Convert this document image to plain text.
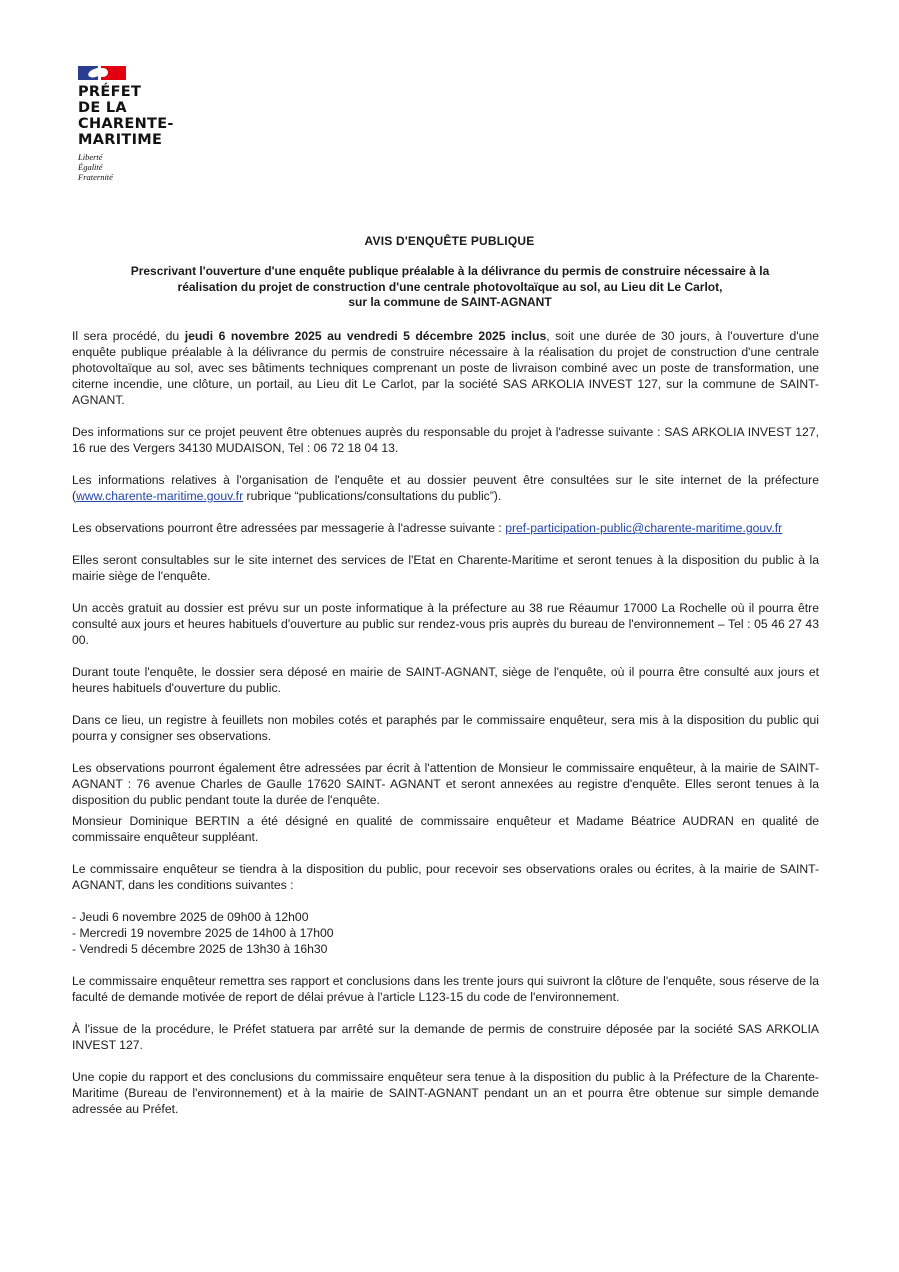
PRÉFET
DE LA
CHARENTE-
MARITIME
Liberté
Égalité
Fraternité
AVIS D'ENQUÊTE PUBLIQUE
Prescrivant l'ouverture d'une enquête publique préalable à la délivrance du permis de construire nécessaire à la
réalisation du projet de construction d'une centrale photovoltaïque au sol, au Lieu dit Le Carlot,
sur la commune de SAINT-AGNANT

Il sera procédé, du jeudi 6 novembre 2025 au vendredi 5 décembre 2025 inclus, soit une durée de 30 jours, à l'ouverture d'une enquête publique préalable à la délivrance du permis de construire nécessaire à la réalisation du projet de construction d'une centrale photovoltaïque au sol, avec ses bâtiments techniques comprenant un poste de livraison combiné avec un poste de transformation, une citerne incendie, une clôture, un portail, au Lieu dit Le Carlot, par la société SAS ARKOLIA INVEST 127, sur la commune de SAINT-AGNANT.

Des informations sur ce projet peuvent être obtenues auprès du responsable du projet à l'adresse suivante : SAS ARKOLIA INVEST 127, 16 rue des Vergers 34130 MUDAISON, Tel : 06 72 18 04 13.

Les informations relatives à l'organisation de l'enquête et au dossier peuvent être consultées sur le site internet de la préfecture (www.charente-maritime.gouv.fr rubrique “publications/consultations du public”).

Les observations pourront être adressées par messagerie à l'adresse suivante : pref-participation-public@charente-maritime.gouv.fr

Elles seront consultables sur le site internet des services de l'Etat en Charente-Maritime et seront tenues à la disposition du public à la mairie siège de l'enquête.

Un accès gratuit au dossier est prévu sur un poste informatique à la préfecture au 38 rue Réaumur 17000 La Rochelle où il pourra être consulté aux jours et heures habituels d'ouverture au public sur rendez-vous pris auprès du bureau de l'environnement – Tel : 05 46 27 43 00.

Durant toute l'enquête, le dossier sera déposé en mairie de SAINT-AGNANT, siège de l'enquête, où il pourra être consulté aux jours et heures habituels d'ouverture du public.

Dans ce lieu, un registre à feuillets non mobiles cotés et paraphés par le commissaire enquêteur, sera mis à la disposition du public qui pourra y consigner ses observations.

Les observations pourront également être adressées par écrit à l'attention de Monsieur le commissaire enquêteur, à la mairie de SAINT-AGNANT : 76 avenue Charles de Gaulle 17620 SAINT- AGNANT et seront annexées au registre d'enquête. Elles seront tenues à la disposition du public pendant toute la durée de l'enquête.

Monsieur Dominique BERTIN a été désigné en qualité de commissaire enquêteur et Madame Béatrice AUDRAN en qualité de commissaire enquêteur suppléant.

Le commissaire enquêteur se tiendra à la disposition du public, pour recevoir ses observations orales ou écrites, à la mairie de SAINT-AGNANT, dans les conditions suivantes :

- Jeudi 6 novembre 2025 de 09h00 à 12h00
- Mercredi 19 novembre 2025 de 14h00 à 17h00
- Vendredi 5 décembre 2025 de 13h30 à 16h30

Le commissaire enquêteur remettra ses rapport et conclusions dans les trente jours qui suivront la clôture de l'enquête, sous réserve de la faculté de demande motivée de report de délai prévue à l'article L123-15 du code de l'environnement.

À l'issue de la procédure, le Préfet statuera par arrêté sur la demande de permis de construire déposée par la société SAS ARKOLIA INVEST 127.

Une copie du rapport et des conclusions du commissaire enquêteur sera tenue à la disposition du public à la Préfecture de la Charente-Maritime (Bureau de l'environnement) et à la mairie de SAINT-AGNANT pendant un an et pourra être obtenue sur simple demande adressée au Préfet.
